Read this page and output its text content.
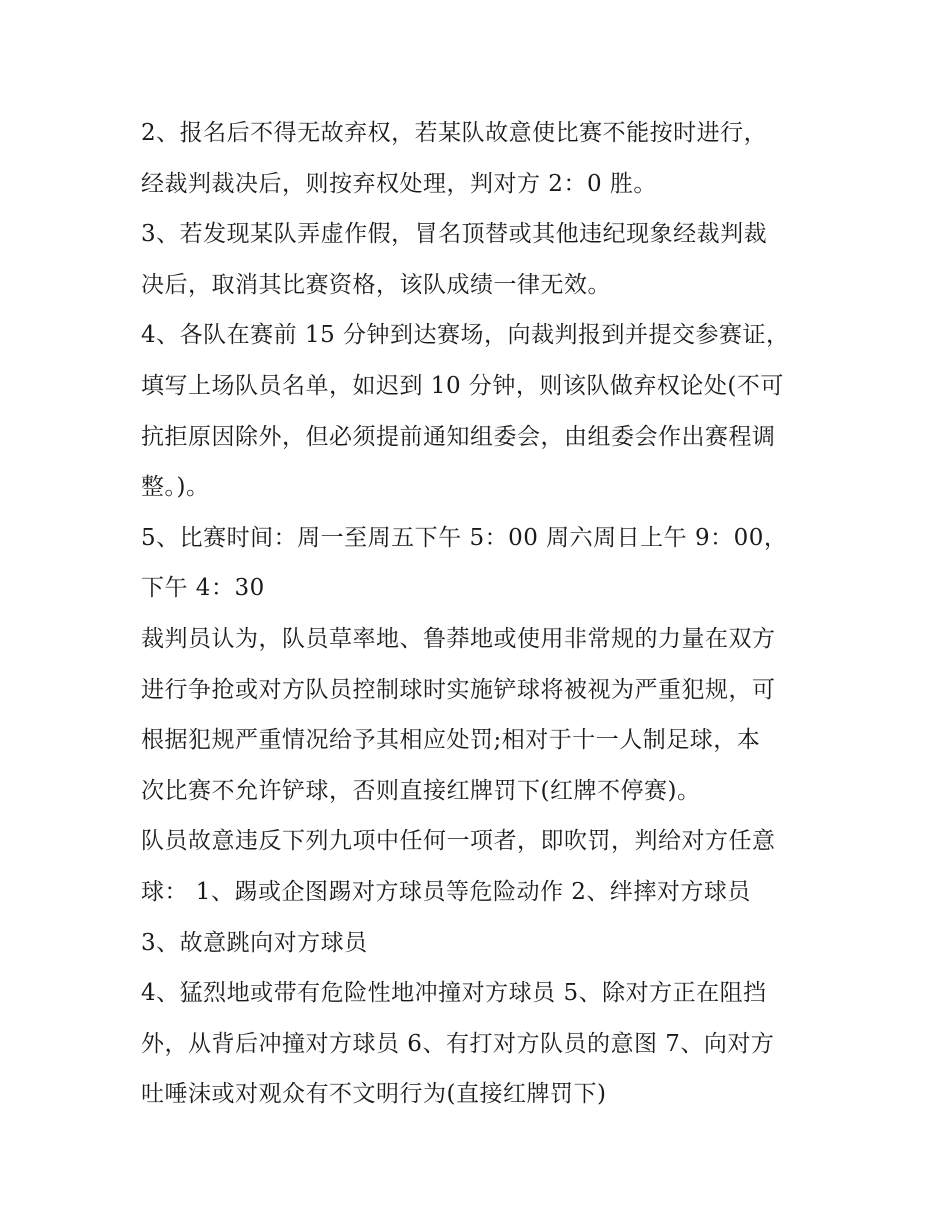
2、报名后不得无故弃权，若某队故意使比赛不能按时进行，
经裁判裁决后，则按弃权处理，判对方 2：0 胜。
3、若发现某队弄虚作假，冒名顶替或其他违纪现象经裁判裁
决后，取消其比赛资格，该队成绩一律无效。
4、各队在赛前 15 分钟到达赛场，向裁判报到并提交参赛证，
填写上场队员名单，如迟到 10 分钟，则该队做弃权论处(不可
抗拒原因除外，但必须提前通知组委会，由组委会作出赛程调
整。)。
5、比赛时间：周一至周五下午 5：00 周六周日上午 9：00，
下午 4：30
裁判员认为，队员草率地、鲁莽地或使用非常规的力量在双方
进行争抢或对方队员控制球时实施铲球将被视为严重犯规，可
根据犯规严重情况给予其相应处罚;相对于十一人制足球，本
次比赛不允许铲球，否则直接红牌罚下(红牌不停赛)。
队员故意违反下列九项中任何一项者，即吹罚，判给对方任意
球： 1、踢或企图踢对方球员等危险动作 2、绊摔对方球员
3、故意跳向对方球员
4、猛烈地或带有危险性地冲撞对方球员 5、除对方正在阻挡
外，从背后冲撞对方球员 6、有打对方队员的意图 7、向对方
吐唾沫或对观众有不文明行为(直接红牌罚下)
